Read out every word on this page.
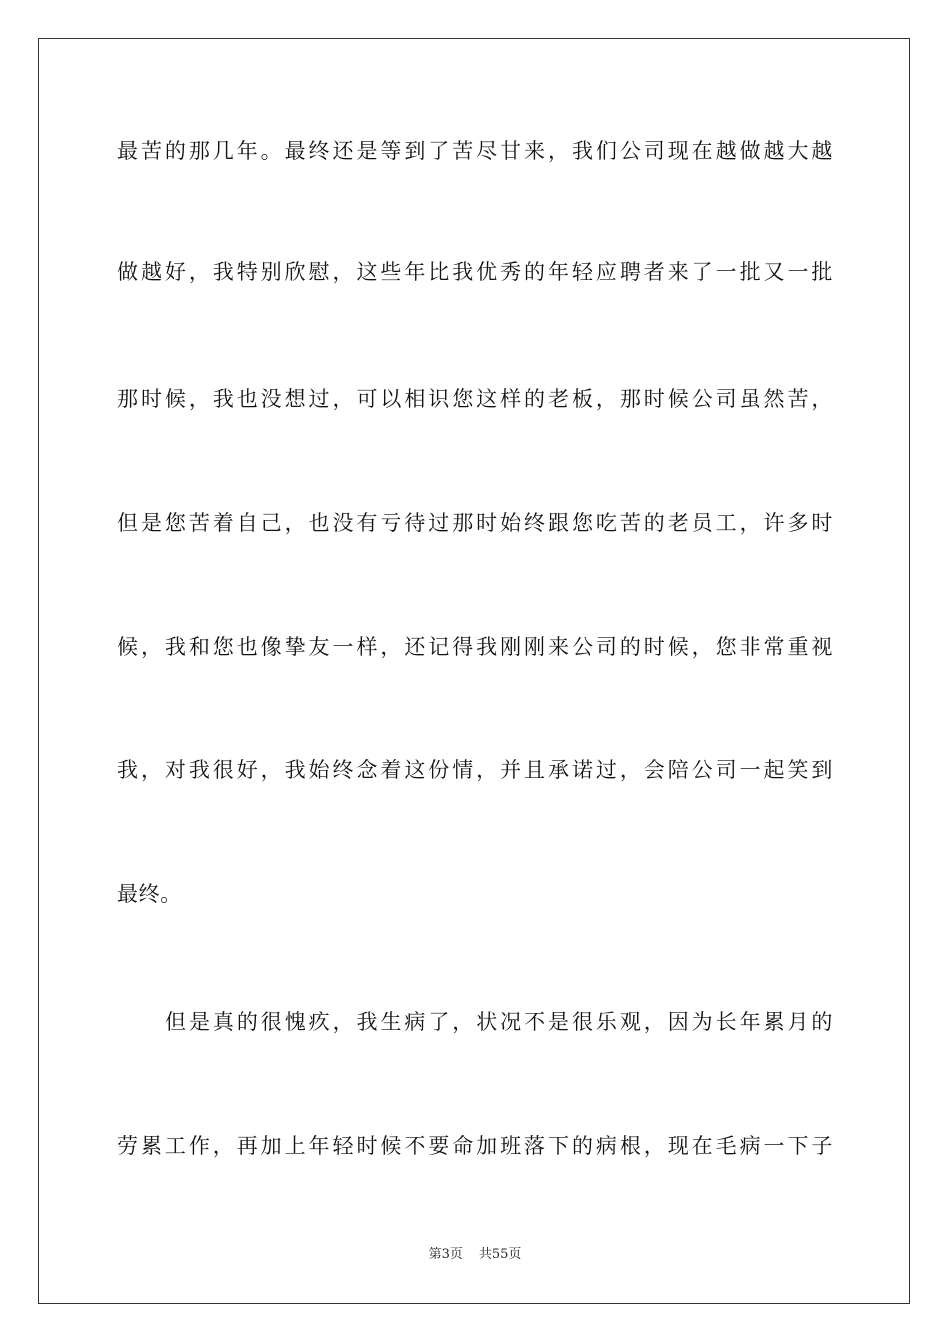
最苦的那几年。最终还是等到了苦尽甘来，我们公司现在越做越大越
做越好，我特别欣慰，这些年比我优秀的年轻应聘者来了一批又一批
那时候，我也没想过，可以相识您这样的老板，那时候公司虽然苦，
但是您苦着自己，也没有亏待过那时始终跟您吃苦的老员工，许多时
候，我和您也像挚友一样，还记得我刚刚来公司的时候，您非常重视
我，对我很好，我始终念着这份情，并且承诺过，会陪公司一起笑到
最终。
但是真的很愧疚，我生病了，状况不是很乐观，因为长年累月的
劳累工作，再加上年轻时候不要命加班落下的病根，现在毛病一下子
第3页 共55页
